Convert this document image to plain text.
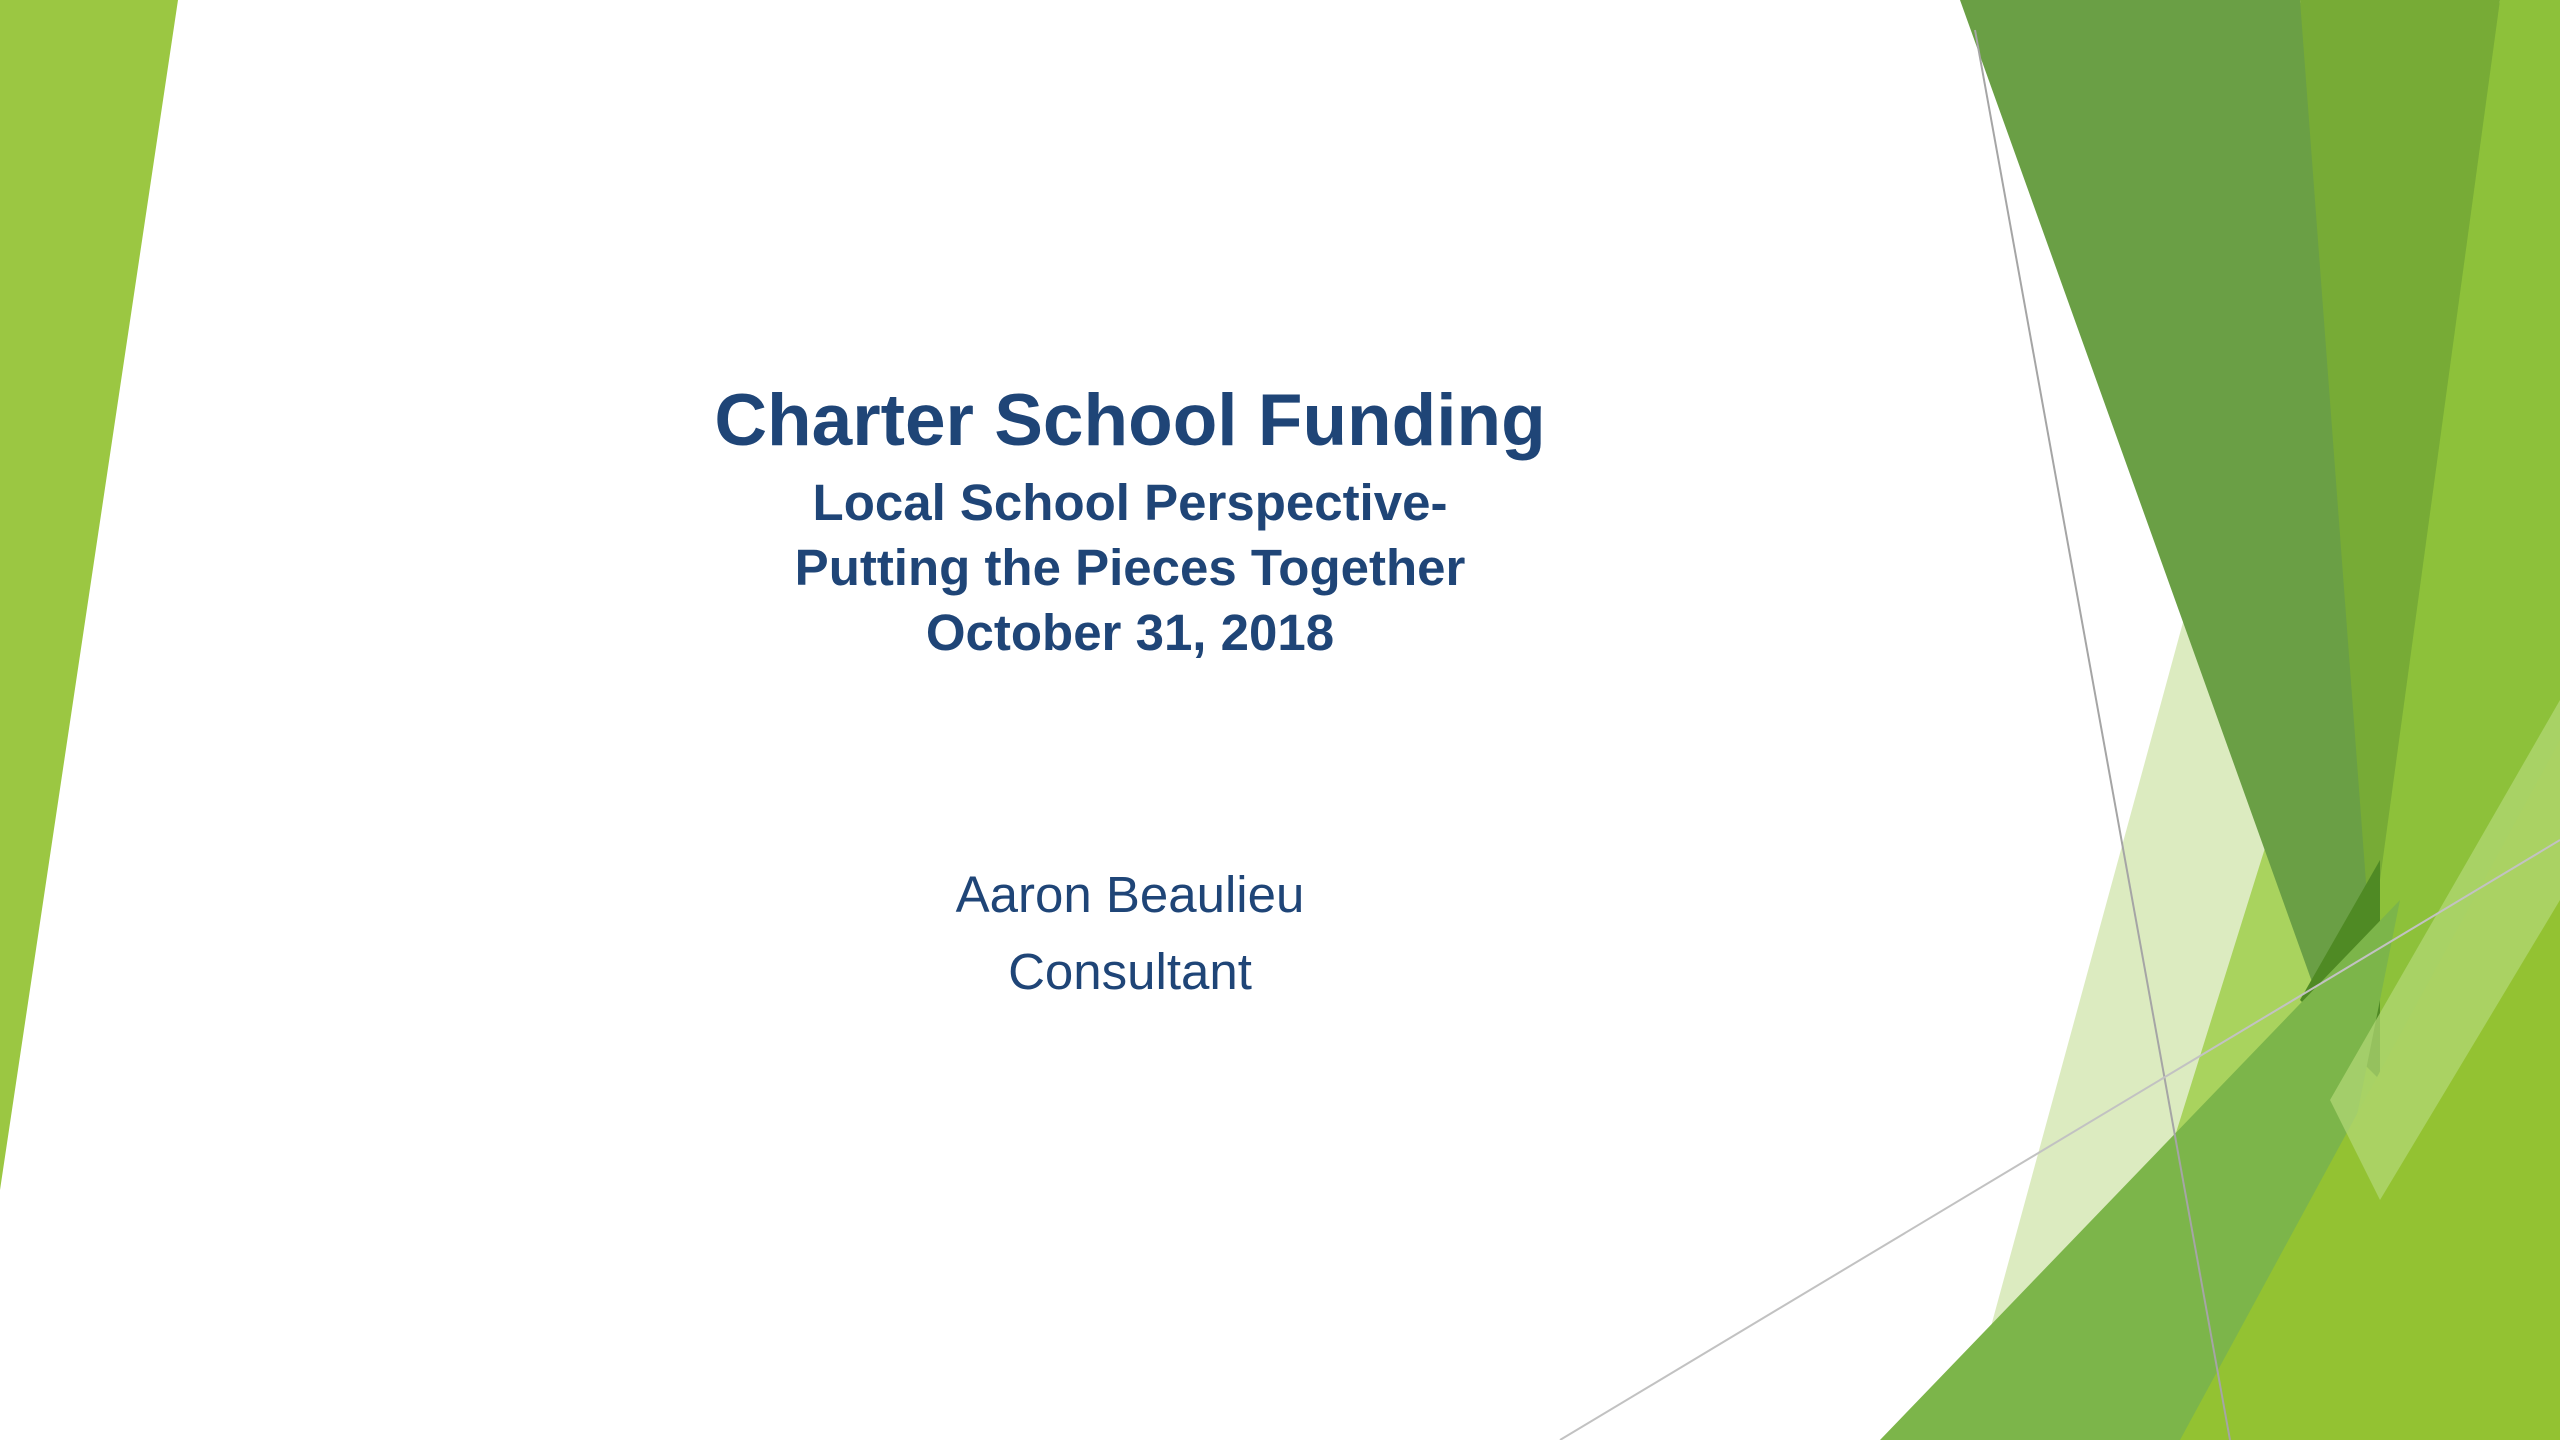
Charter School Funding
Local School Perspective-
Putting the Pieces Together
October 31, 2018
Aaron Beaulieu
Consultant
